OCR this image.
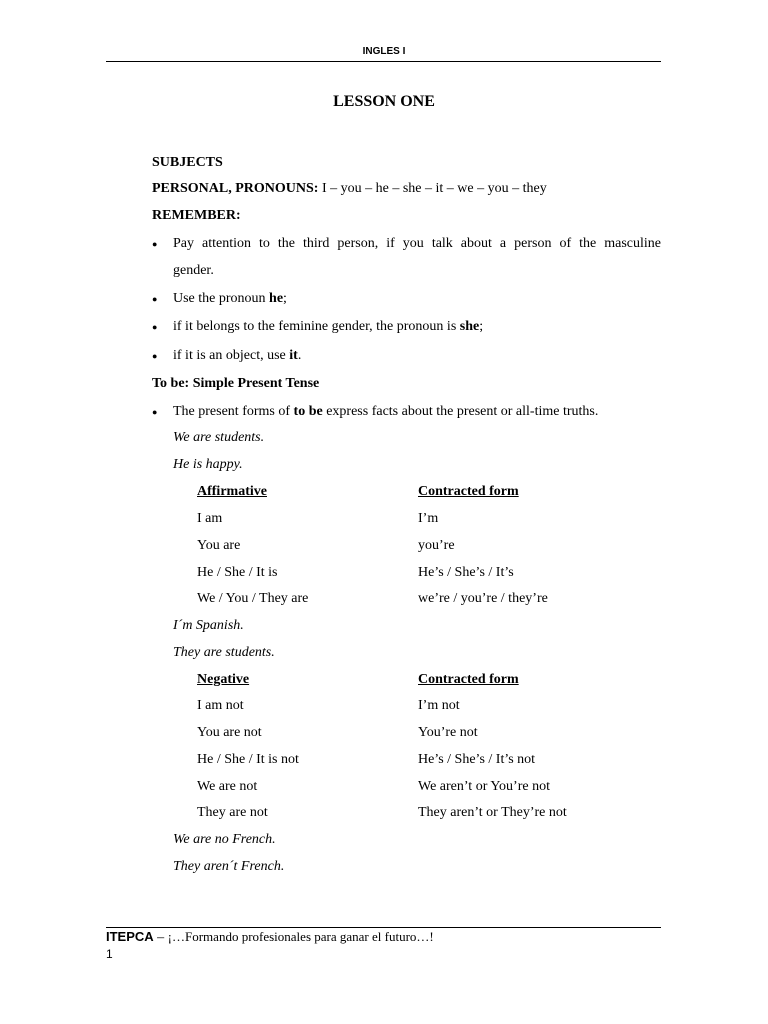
INGLES I
LESSON ONE
SUBJECTS
PERSONAL, PRONOUNS: I – you – he – she – it – we – you – they
REMEMBER:
● Pay attention to the third person, if you talk about a person of the masculine
gender.
● Use the pronoun he;
● if it belongs to the feminine gender, the pronoun is she;
● if it is an object, use it.
To be: Simple Present Tense
● The present forms of to be express facts about the present or all-time truths.
We are students.
He is happy.
Affirmative	Contracted form
I am	I’m
You are	you’re
He / She / It is	He’s / She’s / It’s
We / You / They are	we’re / you’re / they’re
I´m Spanish.
They are students.
Negative	Contracted form
I am not	I’m not
You are not	You’re not
He / She / It is not	He’s / She’s / It’s not
We are not	We aren’t or You’re not
They are not	They aren’t or They’re not
We are no French.
They aren´t French.
ITEPCA – ¡…Formando profesionales para ganar el futuro…!
1
